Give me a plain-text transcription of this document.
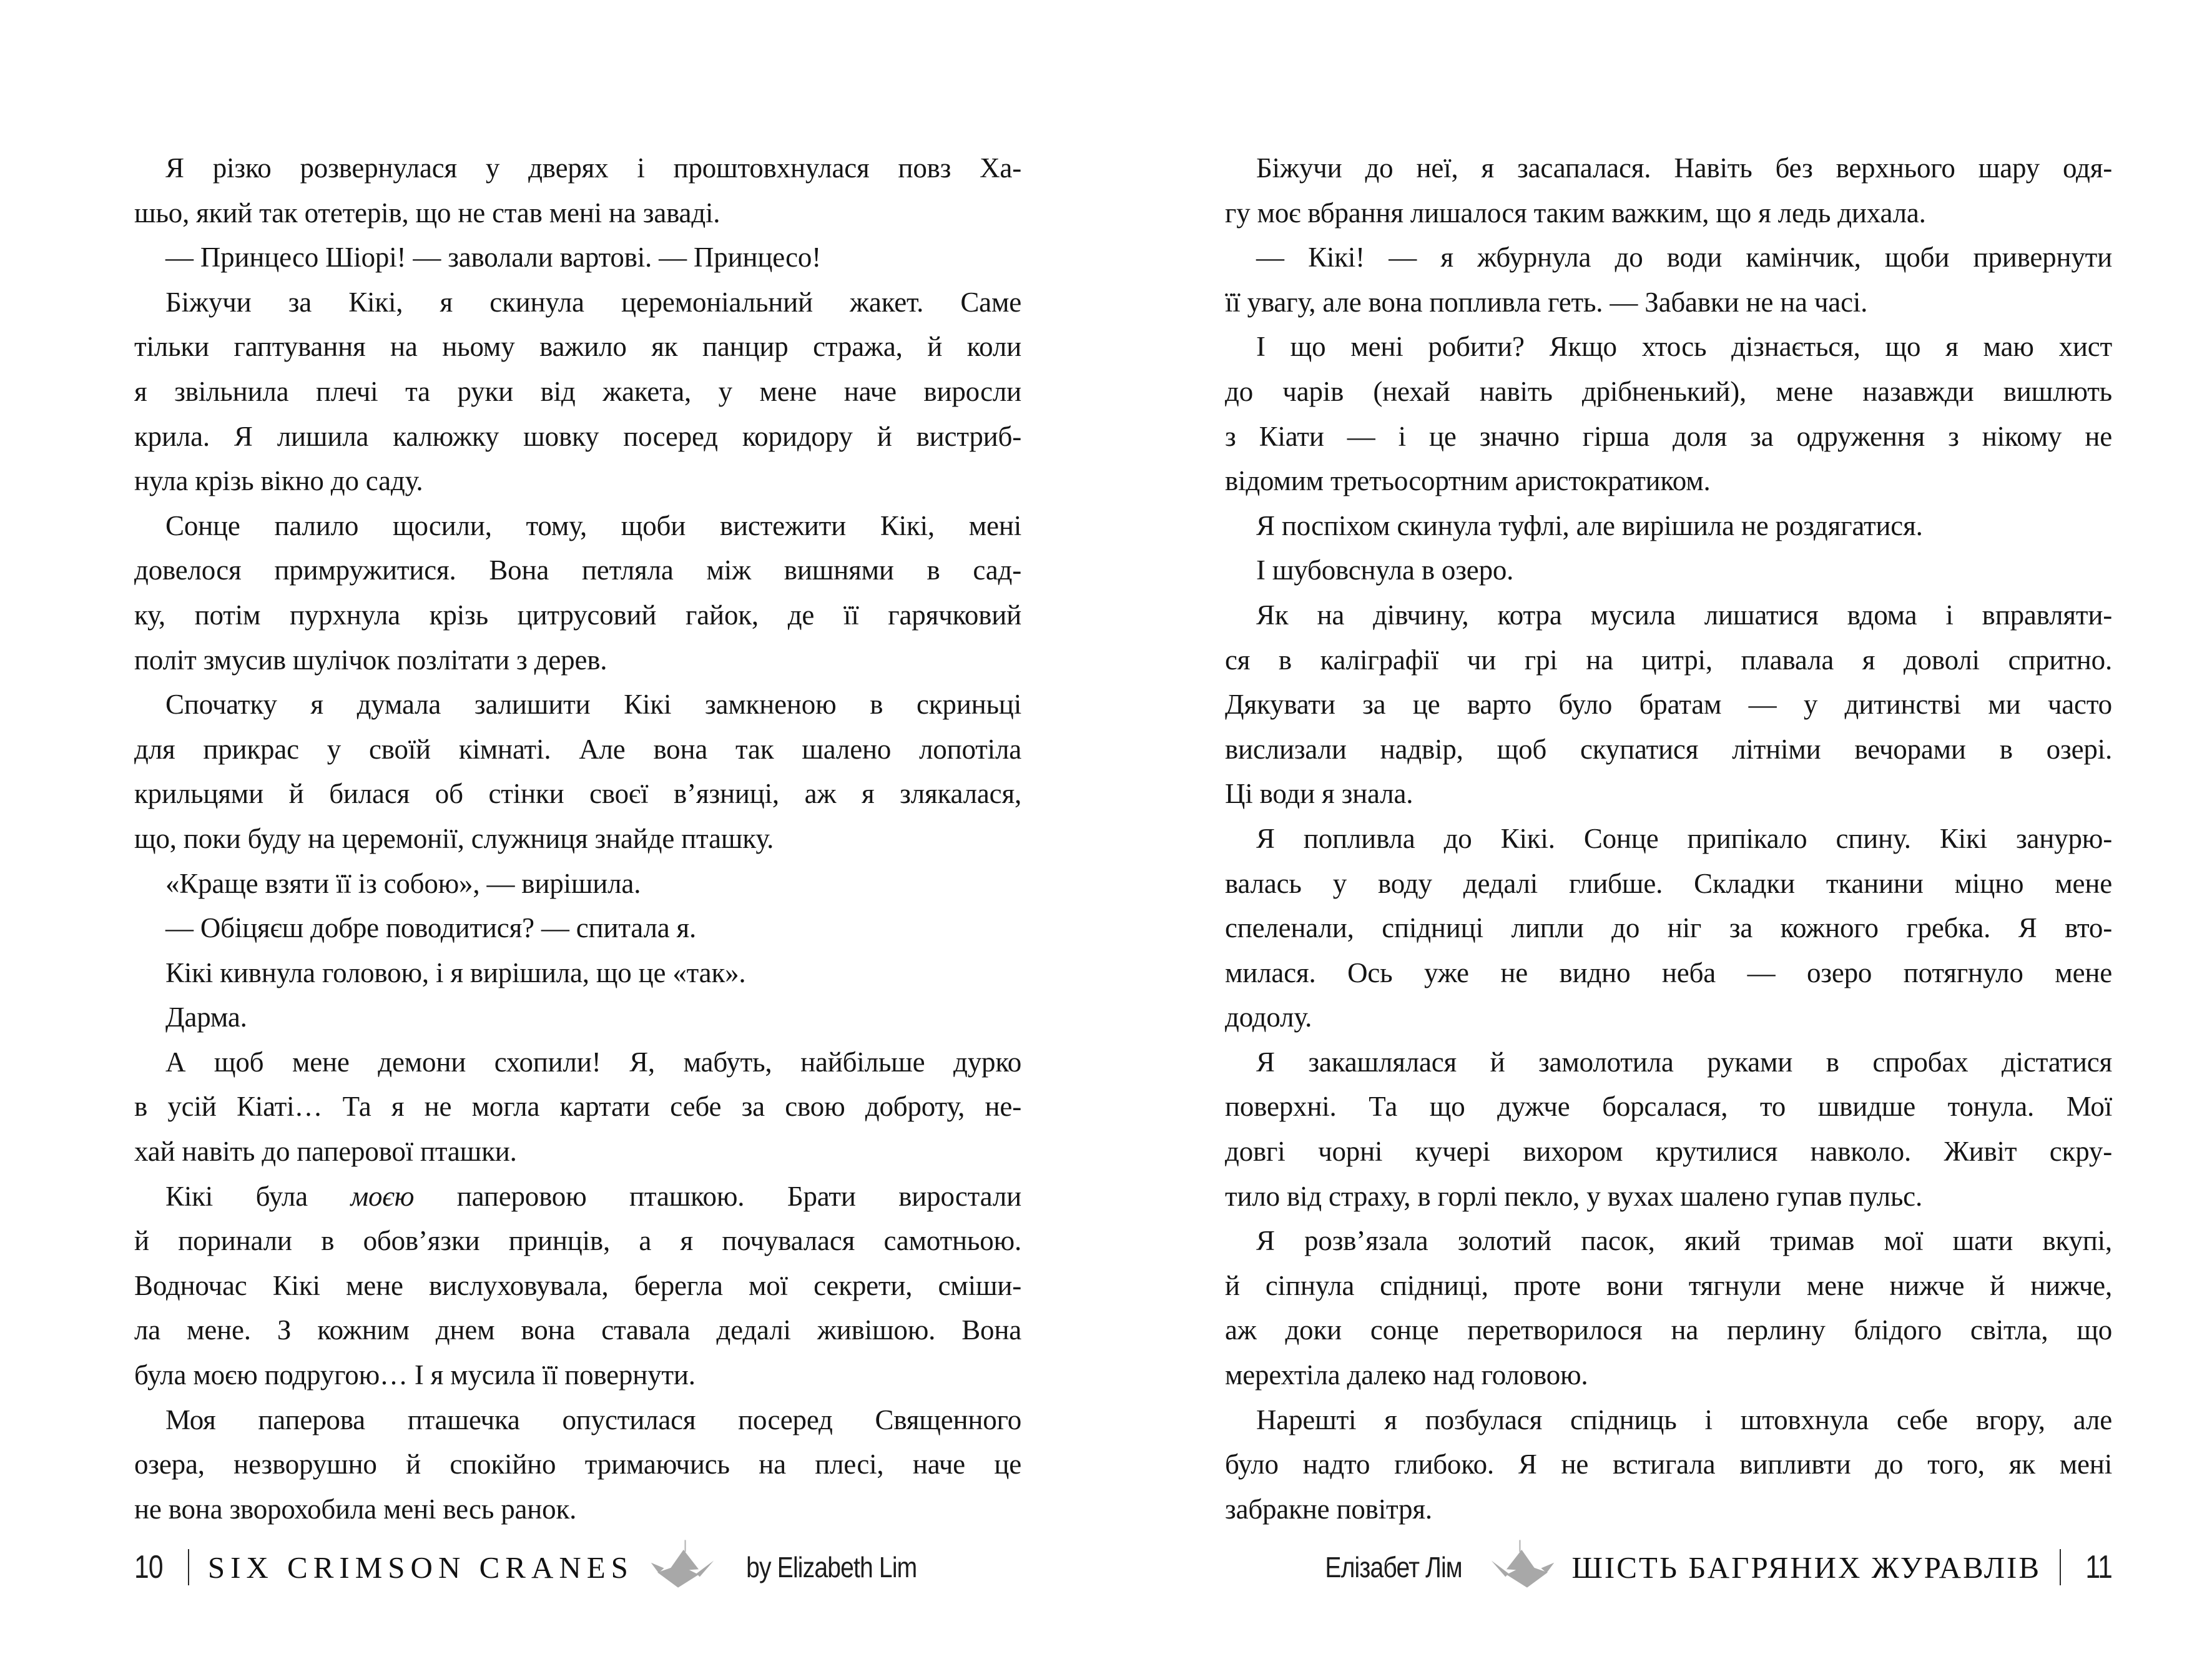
Я різко розвернулася у дверях і проштовхнулася повз Ха-
шьо, який так отетерів, що не став мені на заваді.
— Принцесо Шіорі! — заволали вартові. — Принцесо!
Біжучи за Кікі, я скинула церемоніальний жакет. Саме
тільки гаптування на ньому важило як панцир стража, й коли
я звільнила плечі та руки від жакета, у мене наче виросли
крила. Я лишила калюжку шовку посеред коридору й вистриб-
нула крізь вікно до саду.
Сонце палило щосили, тому, щоби вистежити Кікі, мені
довелося примружитися. Вона петляла між вишнями в сад-
ку, потім пурхнула крізь цитрусовий гайок, де її гарячковий
політ змусив шулічок позлітати з дерев.
Спочатку я думала залишити Кікі замкненою в скриньці
для прикрас у своїй кімнаті. Але вона так шалено лопотіла
крильцями й билася об стінки своєї в’язниці, аж я злякалася,
що, поки буду на церемонії, служниця знайде пташку.
«Краще взяти її із собою», — вирішила.
— Обіцяєш добре поводитися? — спитала я.
Кікі кивнула головою, і я вирішила, що це «так».
Дарма.
А щоб мене демони схопили! Я, мабуть, найбільше дурко
в усій Кіаті… Та я не могла картати себе за свою доброту, не-
хай навіть до паперової пташки.
Кікі була моєю паперовою пташкою. Брати виростали
й поринали в обов’язки принців, а я почувалася самотньою.
Водночас Кікі мене вислуховувала, берегла мої секрети, сміши-
ла мене. З кожним днем вона ставала дедалі живішою. Вона
була моєю подругою… І я мусила її повернути.
Моя паперова пташечка опустилася посеред Священного
озера, незворушно й спокійно тримаючись на плесі, наче це
не вона зворохобила мені весь ранок.
Біжучи до неї, я засапалася. Навіть без верхнього шару одя-
гу моє вбрання лишалося таким важким, що я ледь дихала.
— Кікі! — я жбурнула до води камінчик, щоби привернути
її увагу, але вона попливла геть. — Забавки не на часі.
І що мені робити? Якщо хтось дізнається, що я маю хист
до чарів (нехай навіть дрібненький), мене назавжди вишлють
з Кіати — і це значно гірша доля за одруження з нікому не
відомим третьосортним аристократиком.
Я поспіхом скинула туфлі, але вирішила не роздягатися.
І шубовснула в озеро.
Як на дівчину, котра мусила лишатися вдома і вправляти-
ся в каліграфії чи грі на цитрі, плавала я доволі спритно.
Дякувати за це варто було братам — у дитинстві ми часто
вислизали надвір, щоб скупатися літніми вечорами в озері.
Ці води я знала.
Я попливла до Кікі. Сонце припікало спину. Кікі занурю-
валась у воду дедалі глибше. Складки тканини міцно мене
спеленали, спідниці липли до ніг за кожного гребка. Я вто-
милася. Ось уже не видно неба — озеро потягнуло мене
додолу.
Я закашлялася й замолотила руками в спробах дістатися
поверхні. Та що дужче борсалася, то швидше тонула. Мої
довгі чорні кучері вихором крутилися навколо. Живіт скру-
тило від страху, в горлі пекло, у вухах шалено гупав пульс.
Я розв’язала золотий пасок, який тримав мої шати вкупі,
й сіпнула спідниці, проте вони тягнули мене нижче й нижче,
аж доки сонце перетворилося на перлину блідого світла, що
мерехтіла далеко над головою.
Нарешті я позбулася спідниць і штовхнула себе вгору, але
було надто глибоко. Я не встигала випливти до того, як мені
забракне повітря.
10 SIX CRIMSON CRANES	by Elizabeth Lim	Елізабет Лім	ШІСТЬ БАГРЯНИХ ЖУРАВЛІВ 11
